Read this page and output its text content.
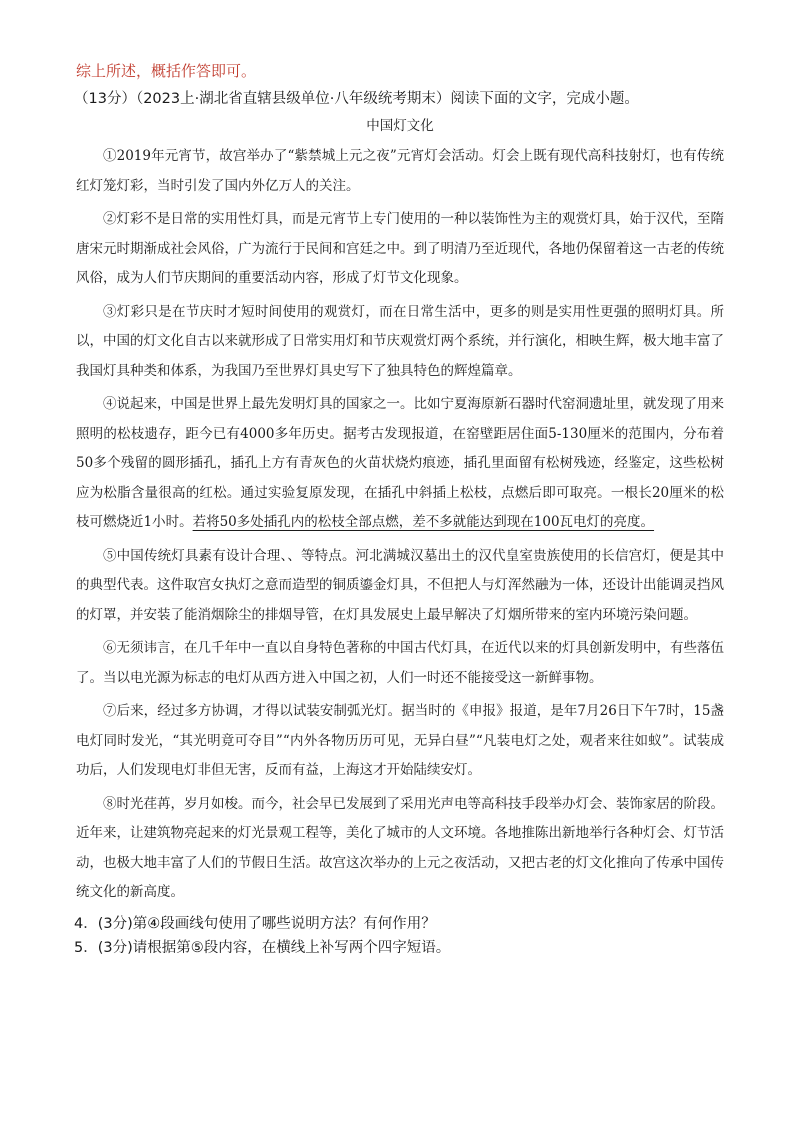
综上所述，概括作答即可。
（13分）（2023上·湖北省直辖县级单位·八年级统考期末）阅读下面的文字，完成小题。
中国灯文化

①2019年元宵节，故宫举办了“紫禁城上元之夜”元宵灯会活动。灯会上既有现代高科技射灯，也有传统红灯笼灯彩，当时引发了国内外亿万人的关注。

②灯彩不是日常的实用性灯具，而是元宵节上专门使用的一种以装饰性为主的观赏灯具，始于汉代，至隋唐宋元时期渐成社会风俗，广为流行于民间和宫廷之中。到了明清乃至近现代，各地仍保留着这一古老的传统风俗，成为人们节庆期间的重要活动内容，形成了灯节文化现象。

③灯彩只是在节庆时才短时间使用的观赏灯，而在日常生活中，更多的则是实用性更强的照明灯具。所以，中国的灯文化自古以来就形成了日常实用灯和节庆观赏灯两个系统，并行演化，相映生辉，极大地丰富了我国灯具种类和体系，为我国乃至世界灯具史写下了独具特色的辉煌篇章。

④说起来，中国是世界上最先发明灯具的国家之一。比如宁夏海原新石器时代窑洞遗址里，就发现了用来照明的松枝遗存，距今已有4000多年历史。据考古发现报道，在窑壁距居住面5-130厘米的范围内，分布着50多个残留的圆形插孔，插孔上方有青灰色的火苗状烧灼痕迹，插孔里面留有松树残迹，经鉴定，这些松树应为松脂含量很高的红松。通过实验复原发现，在插孔中斜插上松枝，点燃后即可取亮。一根长20厘米的松枝可燃烧近1小时。若将50多处插孔内的松枝全部点燃，差不多就能达到现在100瓦电灯的亮度。

⑤中国传统灯具素有设计合理、、等特点。河北满城汉墓出土的汉代皇室贵族使用的长信宫灯，便是其中的典型代表。这件取宫女执灯之意而造型的铜质鎏金灯具，不但把人与灯浑然融为一体，还设计出能调灵挡风的灯罩，并安装了能消烟除尘的排烟导管，在灯具发展史上最早解决了灯烟所带来的室内环境污染问题。

⑥无须讳言，在几千年中一直以自身特色著称的中国古代灯具，在近代以来的灯具创新发明中，有些落伍了。当以电光源为标志的电灯从西方进入中国之初，人们一时还不能接受这一新鲜事物。

⑦后来，经过多方协调，才得以试装安制弧光灯。据当时的《申报》报道，是年7月26日下午7时，15盏电灯同时发光，“其光明竟可夺目”“内外各物历历可见，无异白昼”“凡装电灯之处，观者来往如蚁”。试装成功后，人们发现电灯非但无害，反而有益，上海这才开始陆续安灯。

⑧时光荏苒，岁月如梭。而今，社会早已发展到了采用光声电等高科技手段举办灯会、装饰家居的阶段。近年来，让建筑物亮起来的灯光景观工程等，美化了城市的人文环境。各地推陈出新地举行各种灯会、灯节活动，也极大地丰富了人们的节假日生活。故宫这次举办的上元之夜活动，又把古老的灯文化推向了传承中国传统文化的新高度。

4．(3分)第④段画线句使用了哪些说明方法？有何作用？
5．(3分)请根据第⑤段内容，在横线上补写两个四字短语。
